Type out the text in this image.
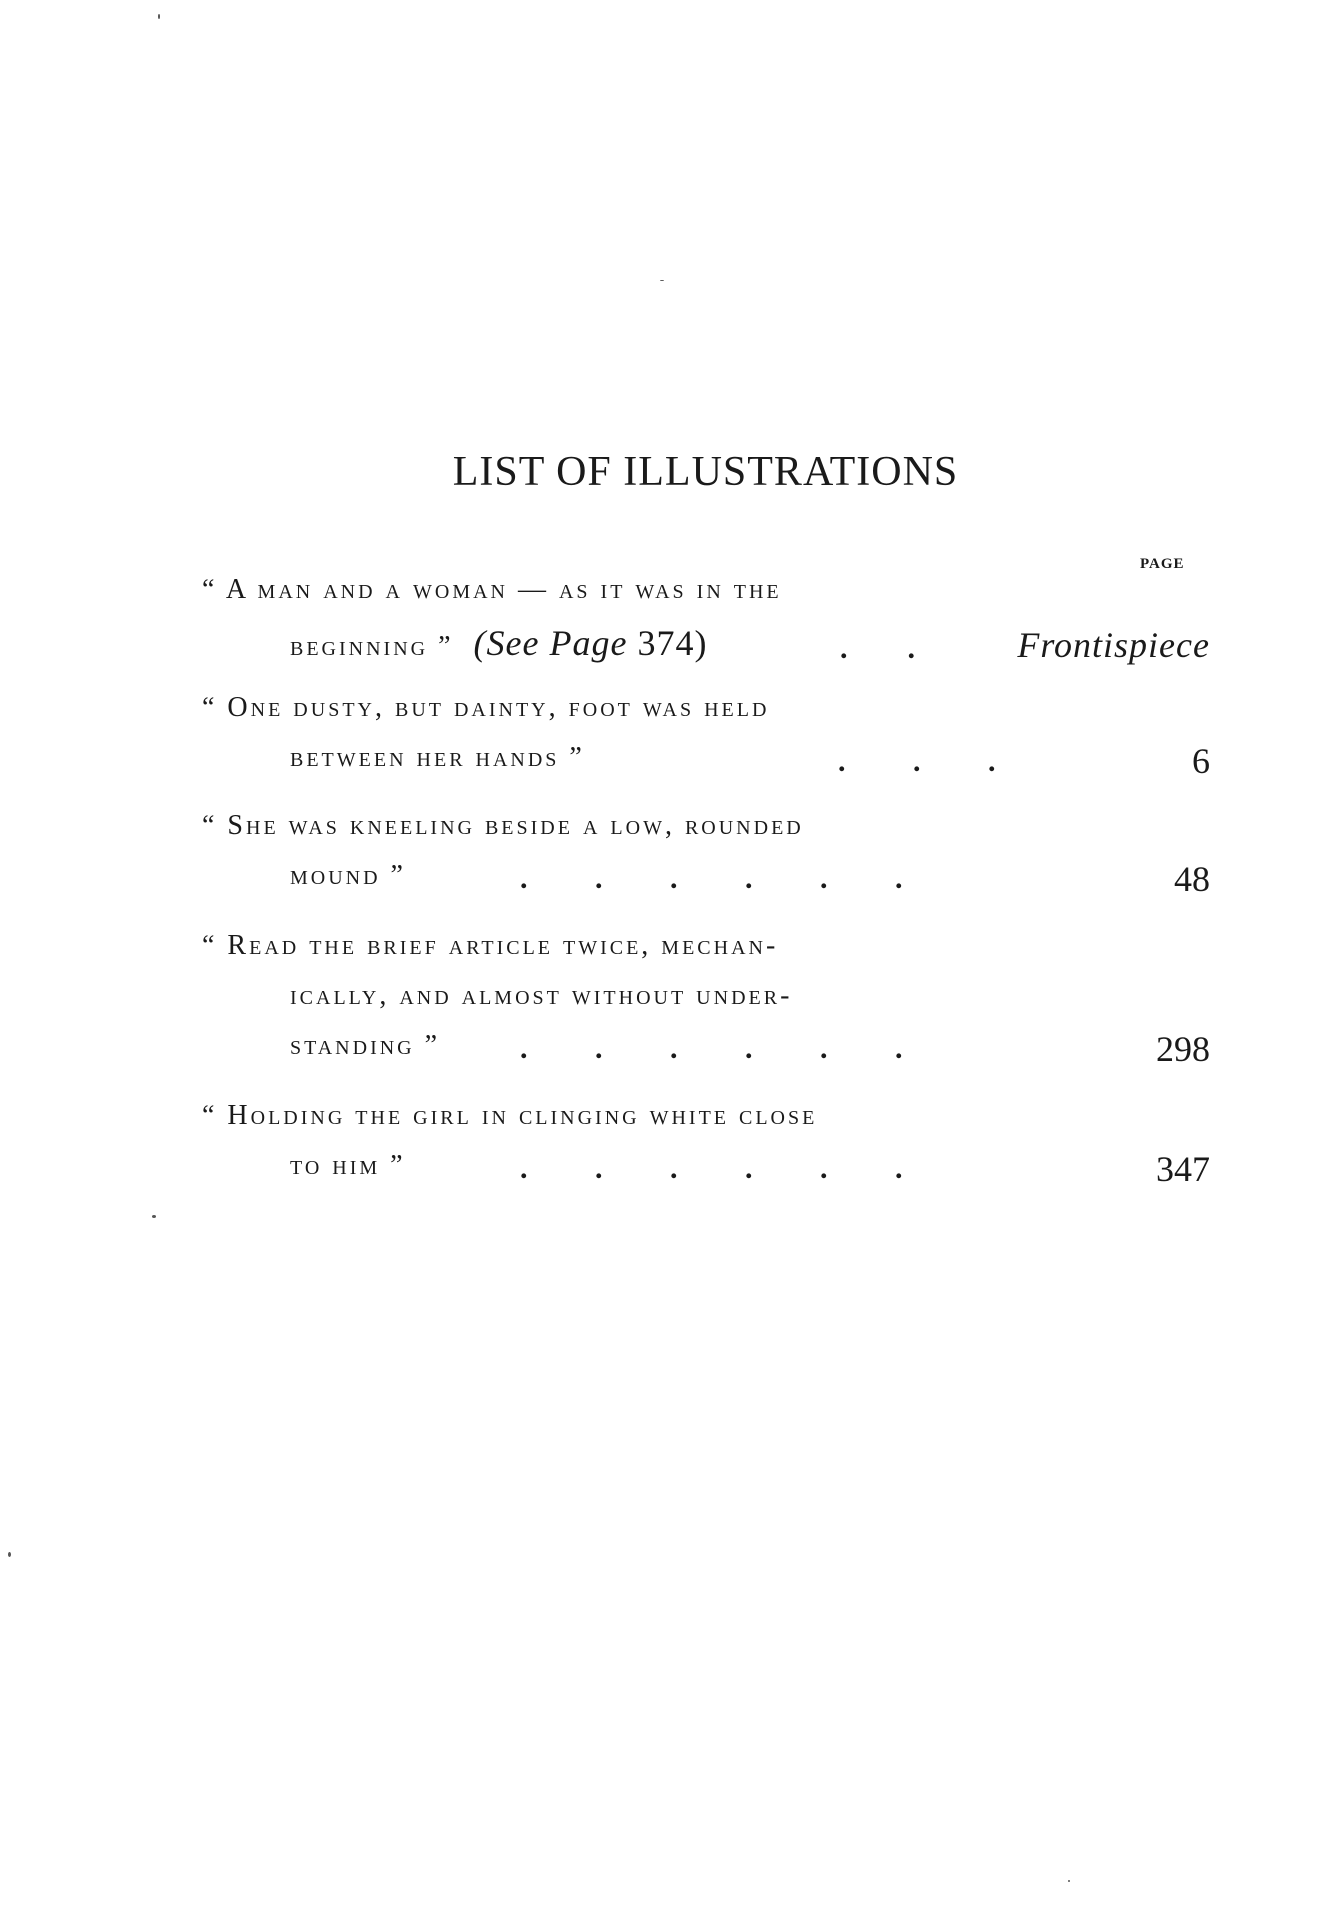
LIST OF ILLUSTRATIONS
PAGE
“ A man and a woman — as it was in the
beginning ” (See Page 374)	.        .	Frontispiece
“ One dusty, but dainty, foot was held
between her hands ”	.         .         .	6
“ She was kneeling beside a low, rounded
mound ”	.         .         .         .         .         .	48
“ Read the brief article twice, mechan-
ically, and almost without under-
standing ”	.         .         .         .         .         .	298
“ Holding the girl in clinging white close
to him ”	.         .         .         .         .         .	347
